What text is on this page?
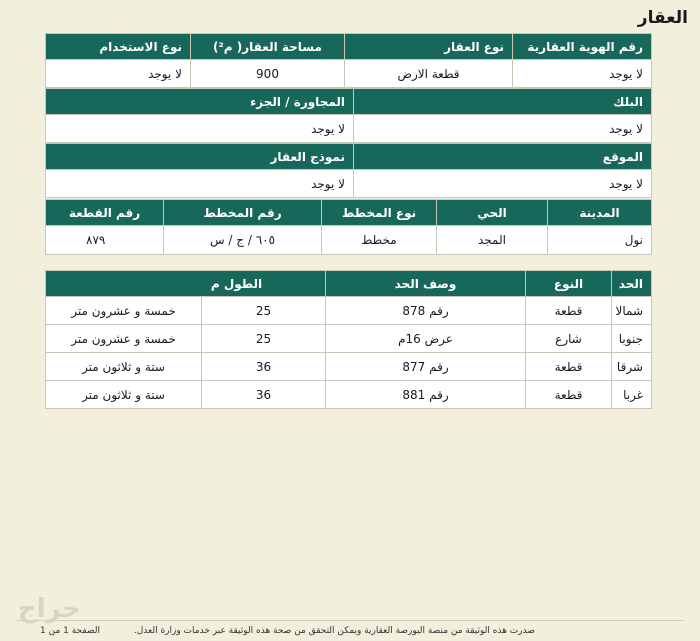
العقار
رقم الهوية العقارية	نوع العقار	مساحة العقار( م²)	نوع الاستخدام
لا يوجد	قطعة الارض	900	لا يوجد
البلك	المجاورة / الجزء
لا يوجد	لا يوجد
الموقع	نموذج العقار
لا يوجد	لا يوجد
المدينة	الحي	نوع المخطط	رقم المخطط	رقم القطعة
نول	المجد	مخطط	٦٠٥ / ج / س	٨٧٩
الحد	النوع	وصف الحد	الطول م	
شمالا	قطعة	رقم 878	25	خمسة و عشرون متر
جنوبا	شارع	عرض 16م	25	خمسة و عشرون متر
شرقا	قطعة	رقم 877	36	ستة و ثلاثون متر
غربا	قطعة	رقم 881	36	ستة و ثلاثون متر
حراج
صدرت هذه الوثيقة من منصة البورصة العقارية ويمكن التحقق من صحة هذه الوثيقة عبر خدمات وزارة العدل.
الصفحة 1 من 1
